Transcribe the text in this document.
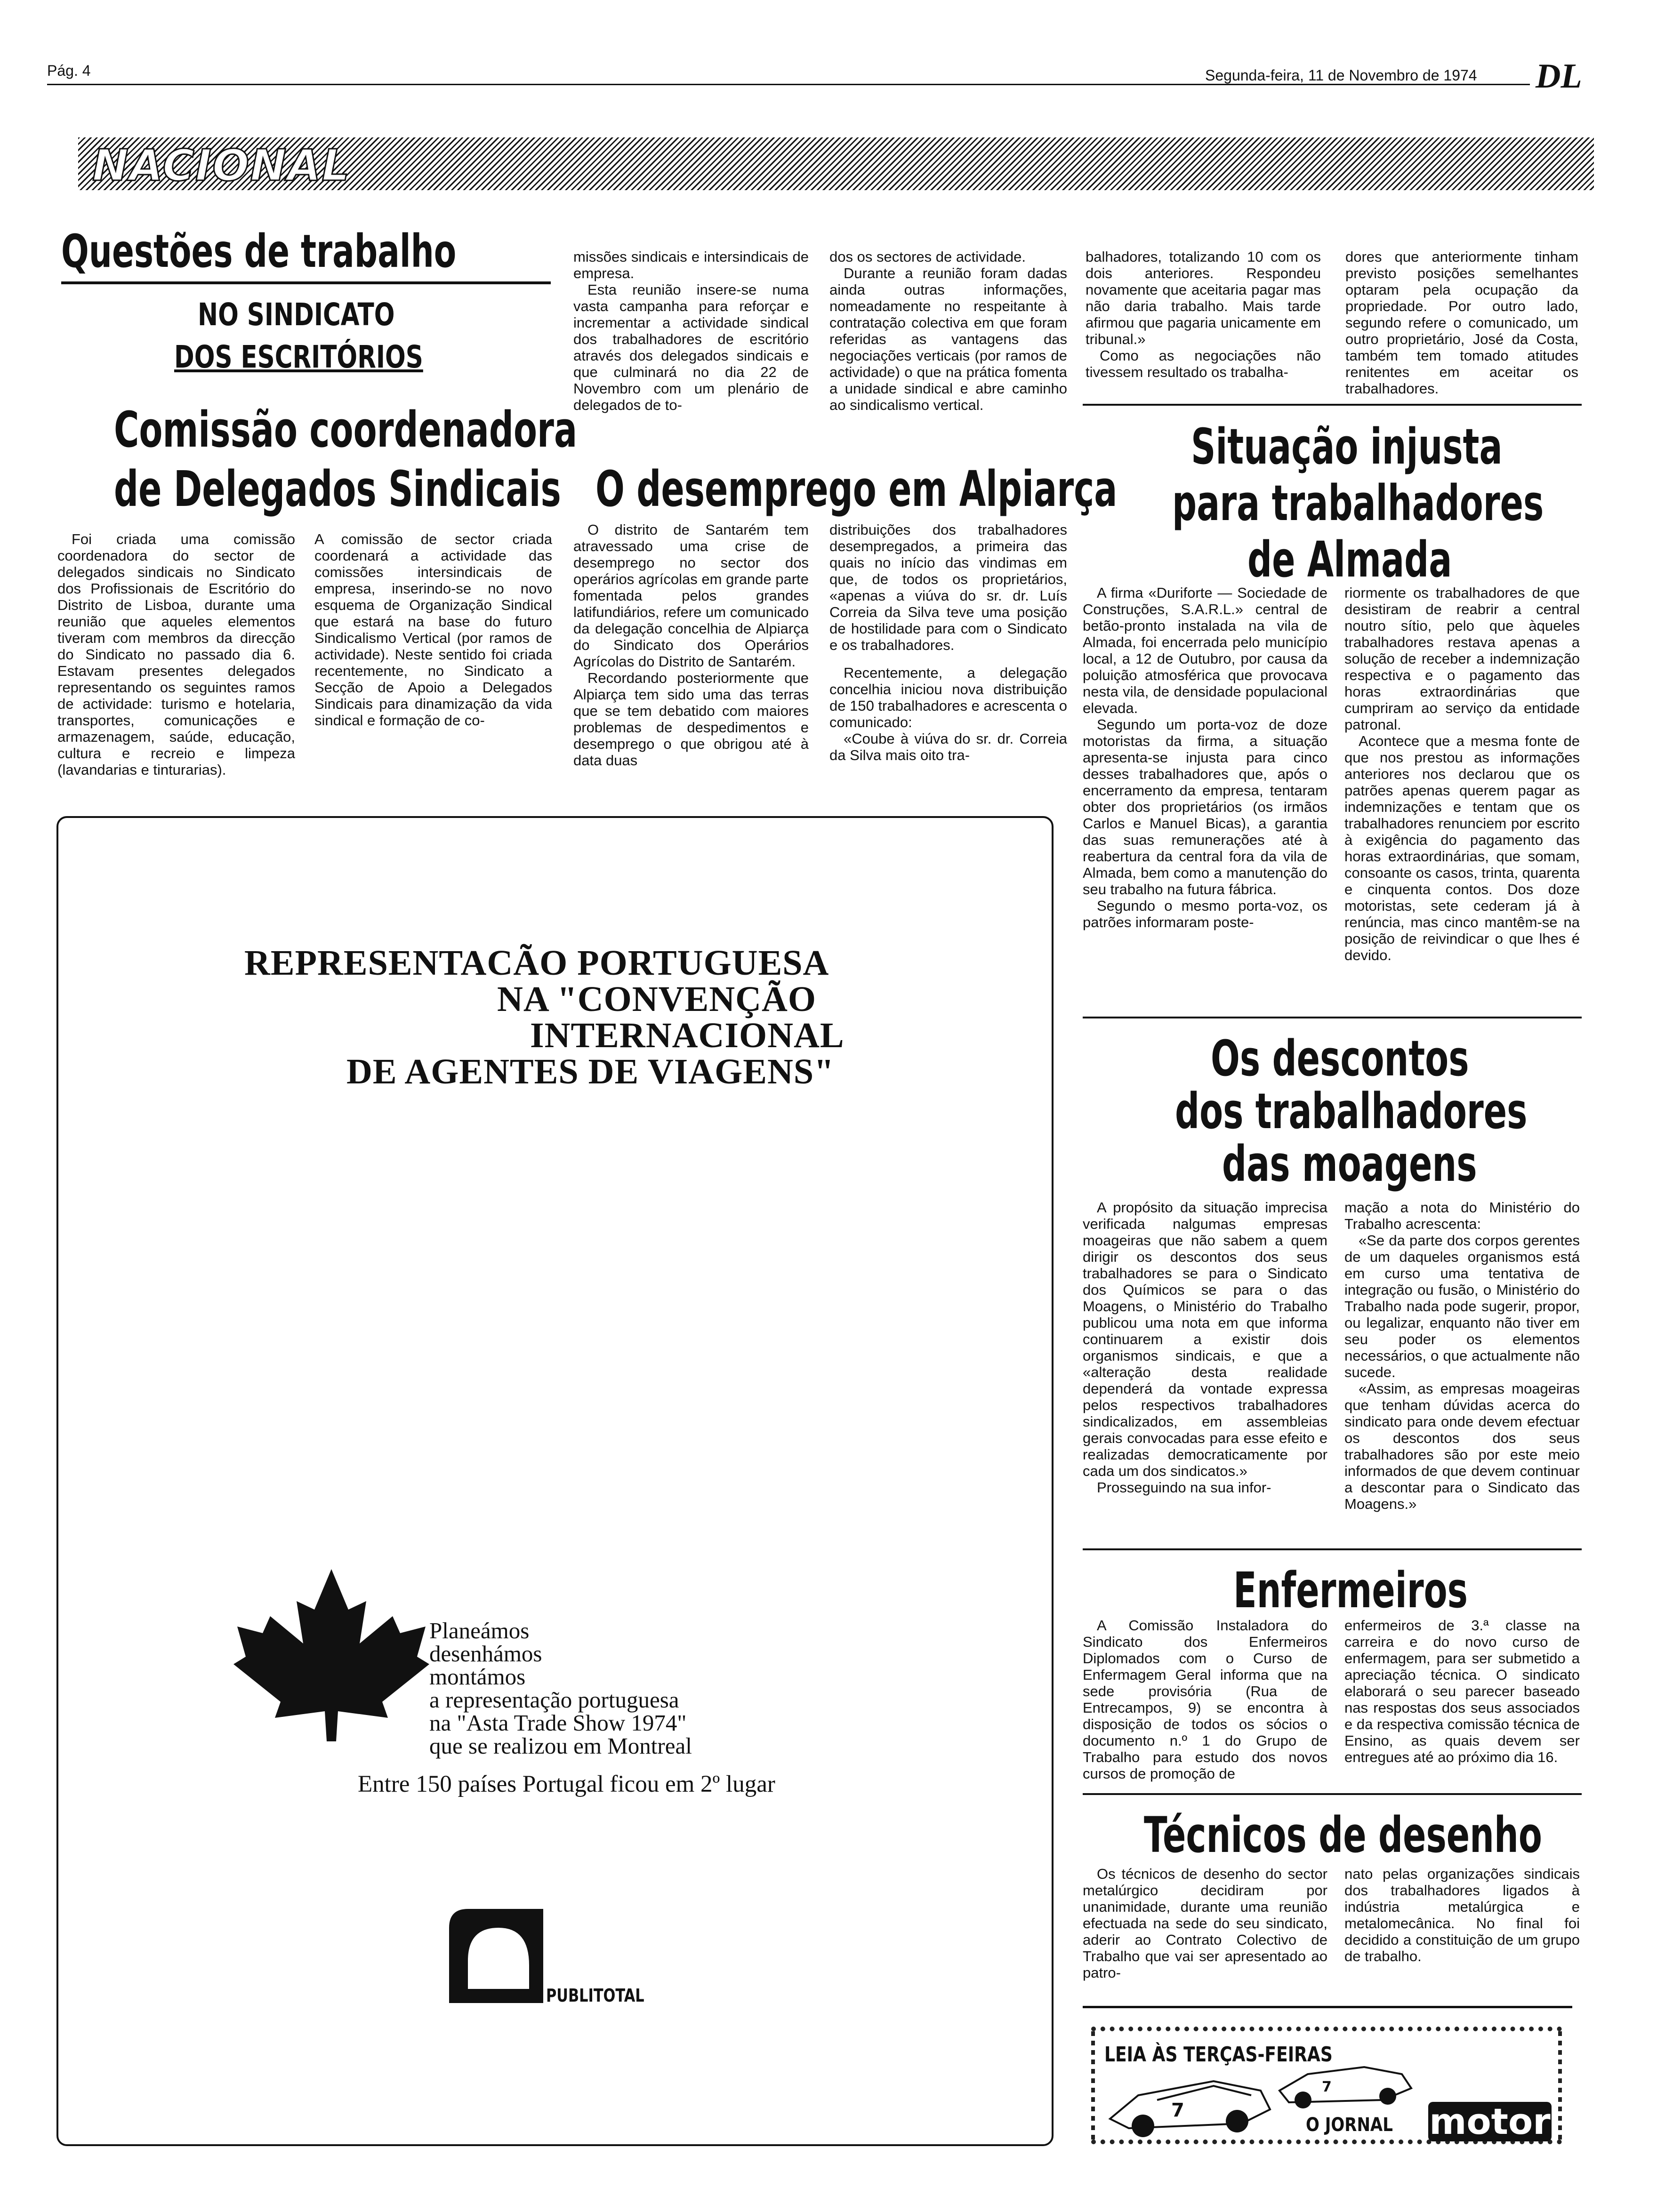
Pág. 4	Segunda-feira, 11 de Novembro de 1974 DL
NACIONAL
Questões de trabalho
NO SINDICATO
DOS ESCRITÓRIOS
Comissão coordenadora
de Delegados Sindicais

Foi criada uma comissão coordenadora do sector de delegados sindicais no Sindicato dos Profissionais de Escritório do Distrito de Lisboa, durante uma reunião que aqueles elementos tiveram com membros da direcção do Sindicato no passado dia 6. Estavam presentes delegados representando os seguintes ramos de actividade: turismo e hotelaria, transportes, comunicações e armazenagem, saúde, educação, cultura e recreio e limpeza (lavandarias e tinturarias).

A comissão de sector criada coordenará a actividade das comissões intersindicais de empresa, inserindo-se no novo esquema de Organização Sindical que estará na base do futuro Sindicalismo Vertical (por ramos de actividade). Neste sentido foi criada recentemente, no Sindicato a Secção de Apoio a Delegados Sindicais para dinamização da vida sindical e formação de co-

missões sindicais e intersindicais de empresa.

Esta reunião insere-se numa vasta campanha para reforçar e incrementar a actividade sindical dos trabalhadores de escritório através dos delegados sindicais e que culminará no dia 22 de Novembro com um plenário de delegados de to-

dos os sectores de actividade.

Durante a reunião foram dadas ainda outras informações, nomeadamente no respeitante à contratação colectiva em que foram referidas as vantagens das negociações verticais (por ramos de actividade) o que na prática fomenta a unidade sindical e abre caminho ao sindicalismo vertical.

O desemprego em Alpiarça

O distrito de Santarém tem atravessado uma crise de desemprego no sector dos operários agrícolas em grande parte fomentada pelos grandes latifundiários, refere um comunicado da delegação concelhia de Alpiarça do Sindicato dos Operários Agrícolas do Distrito de Santarém.

Recordando posteriormente que Alpiarça tem sido uma das terras que se tem debatido com maiores problemas de despedimentos e desemprego o que obrigou até à data duas

distribuições dos trabalhadores desempregados, a primeira das quais no início das vindimas em que, de todos os proprietários, «apenas a viúva do sr. dr. Luís Correia da Silva teve uma posição de hostilidade para com o Sindicato e os trabalhadores.

Recentemente, a delegação concelhia iniciou nova distribuição de 150 trabalhadores e acrescenta o comunicado:

«Coube à viúva do sr. dr. Correia da Silva mais oito tra-

balhadores, totalizando 10 com os dois anteriores. Respondeu novamente que aceitaria pagar mas não daria trabalho. Mais tarde afirmou que pagaria unicamente em tribunal.»

Como as negociações não tivessem resultado os trabalha-

dores que anteriormente tinham previsto posições semelhantes optaram pela ocupação da propriedade. Por outro lado, segundo refere o comunicado, um outro proprietário, José da Costa, também tem tomado atitudes renitentes em aceitar os trabalhadores.

Situação injusta
para trabalhadores
de Almada

A firma «Duriforte — Sociedade de Construções, S.A.R.L.» central de betão-pronto instalada na vila de Almada, foi encerrada pelo município local, a 12 de Outubro, por causa da poluição atmosférica que provocava nesta vila, de densidade populacional elevada.

Segundo um porta-voz de doze motoristas da firma, a situação apresenta-se injusta para cinco desses trabalhadores que, após o encerramento da empresa, tentaram obter dos proprietários (os irmãos Carlos e Manuel Bicas), a garantia das suas remunerações até à reabertura da central fora da vila de Almada, bem como a manutenção do seu trabalho na futura fábrica.

Segundo o mesmo porta-voz, os patrões informaram poste-

riormente os trabalhadores de que desistiram de reabrir a central noutro sítio, pelo que àqueles trabalhadores restava apenas a solução de receber a indemnização respectiva e o pagamento das horas extraordinárias que cumpriram ao serviço da entidade patronal.

Acontece que a mesma fonte de que nos prestou as informações anteriores nos declarou que os patrões apenas querem pagar as indemnizações e tentam que os trabalhadores renunciem por escrito à exigência do pagamento das horas extraordinárias, que somam, consoante os casos, trinta, quarenta e cinquenta contos. Dos doze motoristas, sete cederam já à renúncia, mas cinco mantêm-se na posição de reivindicar o que lhes é devido.

Os descontos
dos trabalhadores
das moagens

A propósito da situação imprecisa verificada nalgumas empresas moageiras que não sabem a quem dirigir os descontos dos seus trabalhadores se para o Sindicato dos Químicos se para o das Moagens, o Ministério do Trabalho publicou uma nota em que informa continuarem a existir dois organismos sindicais, e que a «alteração desta realidade dependerá da vontade expressa pelos respectivos trabalhadores sindicalizados, em assembleias gerais convocadas para esse efeito e realizadas democraticamente por cada um dos sindicatos.»

Prosseguindo na sua infor-

mação a nota do Ministério do Trabalho acrescenta:

«Se da parte dos corpos gerentes de um daqueles organismos está em curso uma tentativa de integração ou fusão, o Ministério do Trabalho nada pode sugerir, propor, ou legalizar, enquanto não tiver em seu poder os elementos necessários, o que actualmente não sucede.

«Assim, as empresas moageiras que tenham dúvidas acerca do sindicato para onde devem efectuar os descontos dos seus trabalhadores são por este meio informados de que devem continuar a descontar para o Sindicato das Moagens.»

Enfermeiros

A Comissão Instaladora do Sindicato dos Enfermeiros Diplomados com o Curso de Enfermagem Geral informa que na sede provisória (Rua de Entrecampos, 9) se encontra à disposição de todos os sócios o documento n.º 1 do Grupo de Trabalho para estudo dos novos cursos de promoção de

enfermeiros de 3.ª classe na carreira e do novo curso de enfermagem, para ser submetido a apreciação técnica. O sindicato elaborará o seu parecer baseado nas respostas dos seus associados e da respectiva comissão técnica de Ensino, as quais devem ser entregues até ao próximo dia 16.

Técnicos de desenho

Os técnicos de desenho do sector metalúrgico decidiram por unanimidade, durante uma reunião efectuada na sede do seu sindicato, aderir ao Contrato Colectivo de Trabalho que vai ser apresentado ao patro-

nato pelas organizações sindicais dos trabalhadores ligados à indústria metalúrgica e metalomecânica. No final foi decidido a constituição de um grupo de trabalho.

REPRESENTACÃO PORTUGUESA
NA "CONVENÇÃO
INTERNACIONAL
DE AGENTES DE VIAGENS"
Planeámos
desenhámos
montámos
a representação portuguesa
na "Asta Trade Show 1974"
que se realizou em Montreal
Entre 150 países Portugal ficou em 2º lugar
PUBLITOTAL
LEIA ÀS TERÇAS-FEIRAS
7
7
O JORNAL motor
